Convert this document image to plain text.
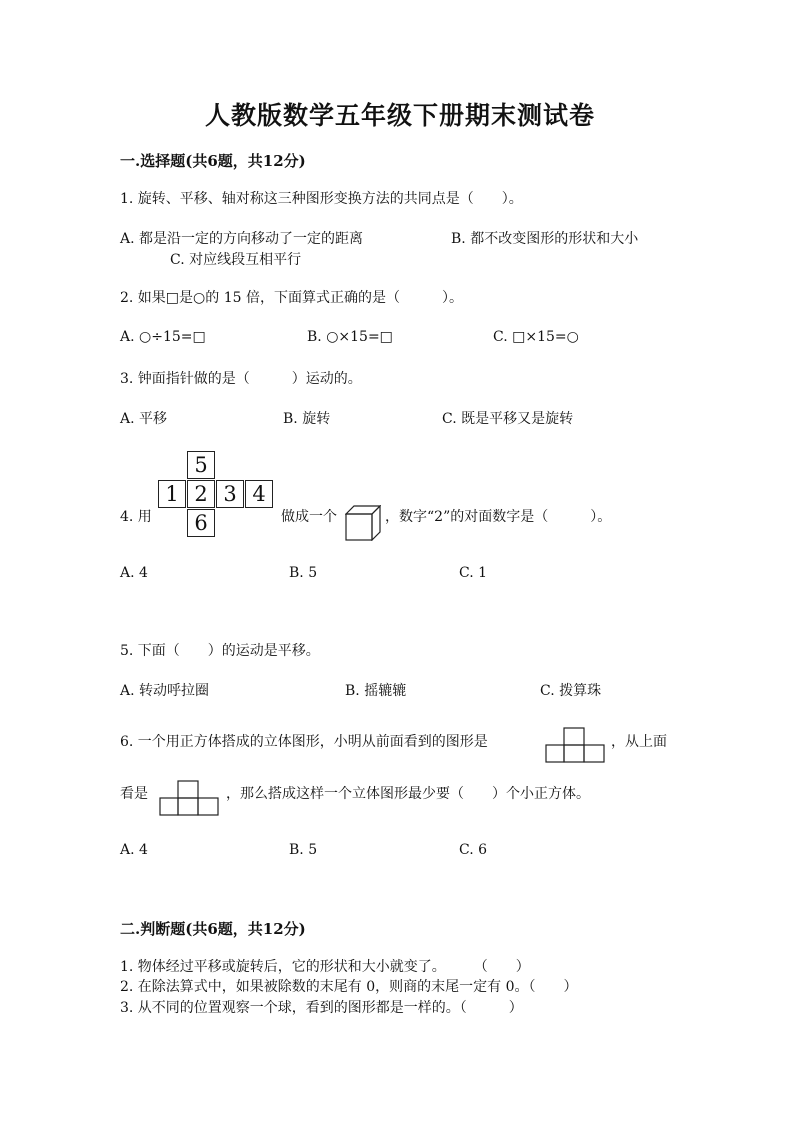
人教版数学五年级下册期末测试卷
一.选择题(共6题，共12分)
1. 旋转、平移、轴对称这三种图形变换方法的共同点是（　　）。
A. 都是沿一定的方向移动了一定的距离	B. 都不改变图形的形状和大小
C. 对应线段互相平行
2. 如果□是○的 15 倍，下面算式正确的是（　　　）。
A. ○÷15=□	B. ○×15=□	C. □×15=○
3. 钟面指针做的是（　　　）运动的。
A. 平移	B. 旋转	C. 既是平移又是旋转
4. 用
5
1 2 3 4
6	做成一个	，数字“2”的对面数字是（　　　）。
A. 4	B. 5	C. 1
5. 下面（　　）的运动是平移。
A. 转动呼拉圈	B. 摇辘辘	C. 拨算珠
6. 一个用正方体搭成的立体图形，小明从前面看到的图形是	，从上面
看是	，那么搭成这样一个立体图形最少要（　　）个小正方体。
A. 4	B. 5	C. 6
二.判断题(共6题，共12分)
1. 物体经过平移或旋转后，它的形状和大小就变了。　　　（　　）
2. 在除法算式中，如果被除数的末尾有 0，则商的末尾一定有 0。（　　）
3. 从不同的位置观察一个球，看到的图形都是一样的。（　　　）
